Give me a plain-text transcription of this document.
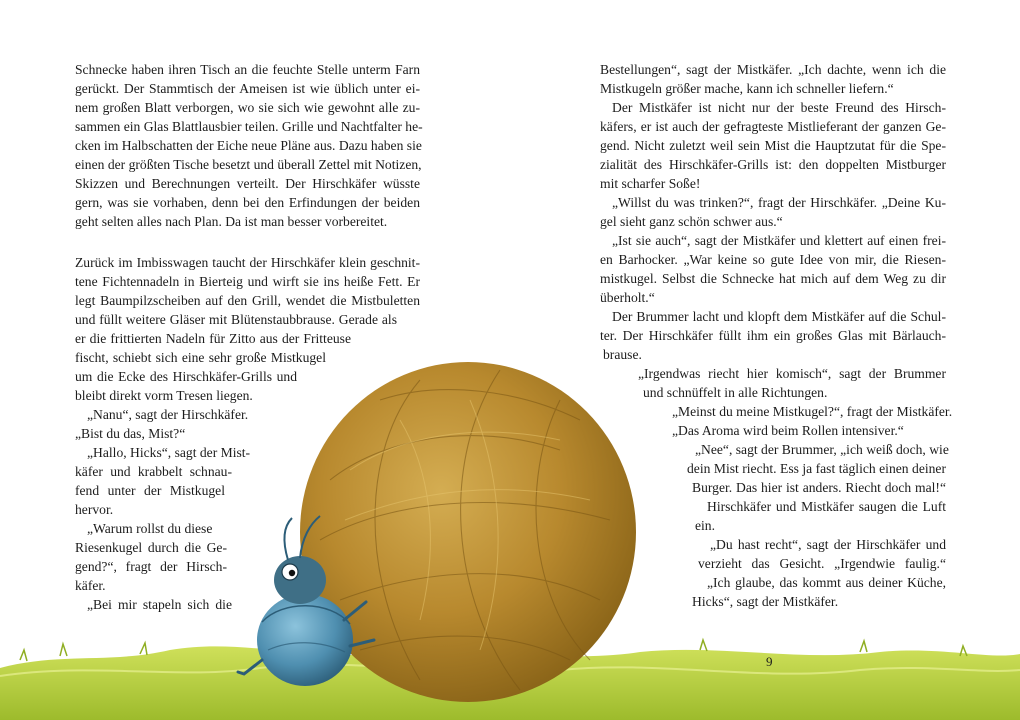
Schnecke haben ihren Tisch an die feuchte Stelle unterm Farn
gerückt. Der Stammtisch der Ameisen ist wie üblich unter ei-
nem großen Blatt verborgen, wo sie sich wie gewohnt alle zu-
sammen ein Glas Blattlausbier teilen. Grille und Nachtfalter he-
cken im Halbschatten der Eiche neue Pläne aus. Dazu haben sie
einen der größten Tische besetzt und überall Zettel mit Notizen,
Skizzen und Berechnungen verteilt. Der Hirschkäfer wüsste
gern, was sie vorhaben, denn bei den Erfindungen der beiden
geht selten alles nach Plan. Da ist man besser vorbereitet.
Zurück im Imbisswagen taucht der Hirschkäfer klein geschnit-
tene Fichtennadeln in Bierteig und wirft sie ins heiße Fett. Er
legt Baumpilzscheiben auf den Grill, wendet die Mistbuletten
und füllt weitere Gläser mit Blütenstaubbrause. Gerade als
er die frittierten Nadeln für Zitto aus der Fritteuse
fischt, schiebt sich eine sehr große Mistkugel
um die Ecke des Hirschkäfer-Grills und
bleibt direkt vorm Tresen liegen.
„Nanu“, sagt der Hirschkäfer.
„Bist du das, Mist?“
„Hallo, Hicks“, sagt der Mist-
käfer und krabbelt schnau-
fend unter der Mistkugel
hervor.
„Warum rollst du diese
Riesenkugel durch die Ge-
gend?“, fragt der Hirsch-
käfer.
„Bei mir stapeln sich die
Bestellungen“, sagt der Mistkäfer. „Ich dachte, wenn ich die
Mistkugeln größer mache, kann ich schneller liefern.“
Der Mistkäfer ist nicht nur der beste Freund des Hirsch-
käfers, er ist auch der gefragteste Mistlieferant der ganzen Ge-
gend. Nicht zuletzt weil sein Mist die Hauptzutat für die Spe-
zialität des Hirschkäfer-Grills ist: den doppelten Mistburger
mit scharfer Soße!
„Willst du was trinken?“, fragt der Hirschkäfer. „Deine Ku-
gel sieht ganz schön schwer aus.“
„Ist sie auch“, sagt der Mistkäfer und klettert auf einen frei-
en Barhocker. „War keine so gute Idee von mir, die Riesen-
mistkugel. Selbst die Schnecke hat mich auf dem Weg zu dir
überholt.“
Der Brummer lacht und klopft dem Mistkäfer auf die Schul-
ter. Der Hirschkäfer füllt ihm ein großes Glas mit Bärlauch-
brause.
„Irgendwas riecht hier komisch“, sagt der Brummer
und schnüffelt in alle Richtungen.
„Meinst du meine Mistkugel?“, fragt der Mistkäfer.
„Das Aroma wird beim Rollen intensiver.“
„Nee“, sagt der Brummer, „ich weiß doch, wie
dein Mist riecht. Ess ja fast täglich einen deiner
Burger. Das hier ist anders. Riecht doch mal!“
Hirschkäfer und Mistkäfer saugen die Luft
ein.
„Du hast recht“, sagt der Hirschkäfer und
verzieht das Gesicht. „Irgendwie faulig.“
„Ich glaube, das kommt aus deiner Küche,
Hicks“, sagt der Mistkäfer.
9
